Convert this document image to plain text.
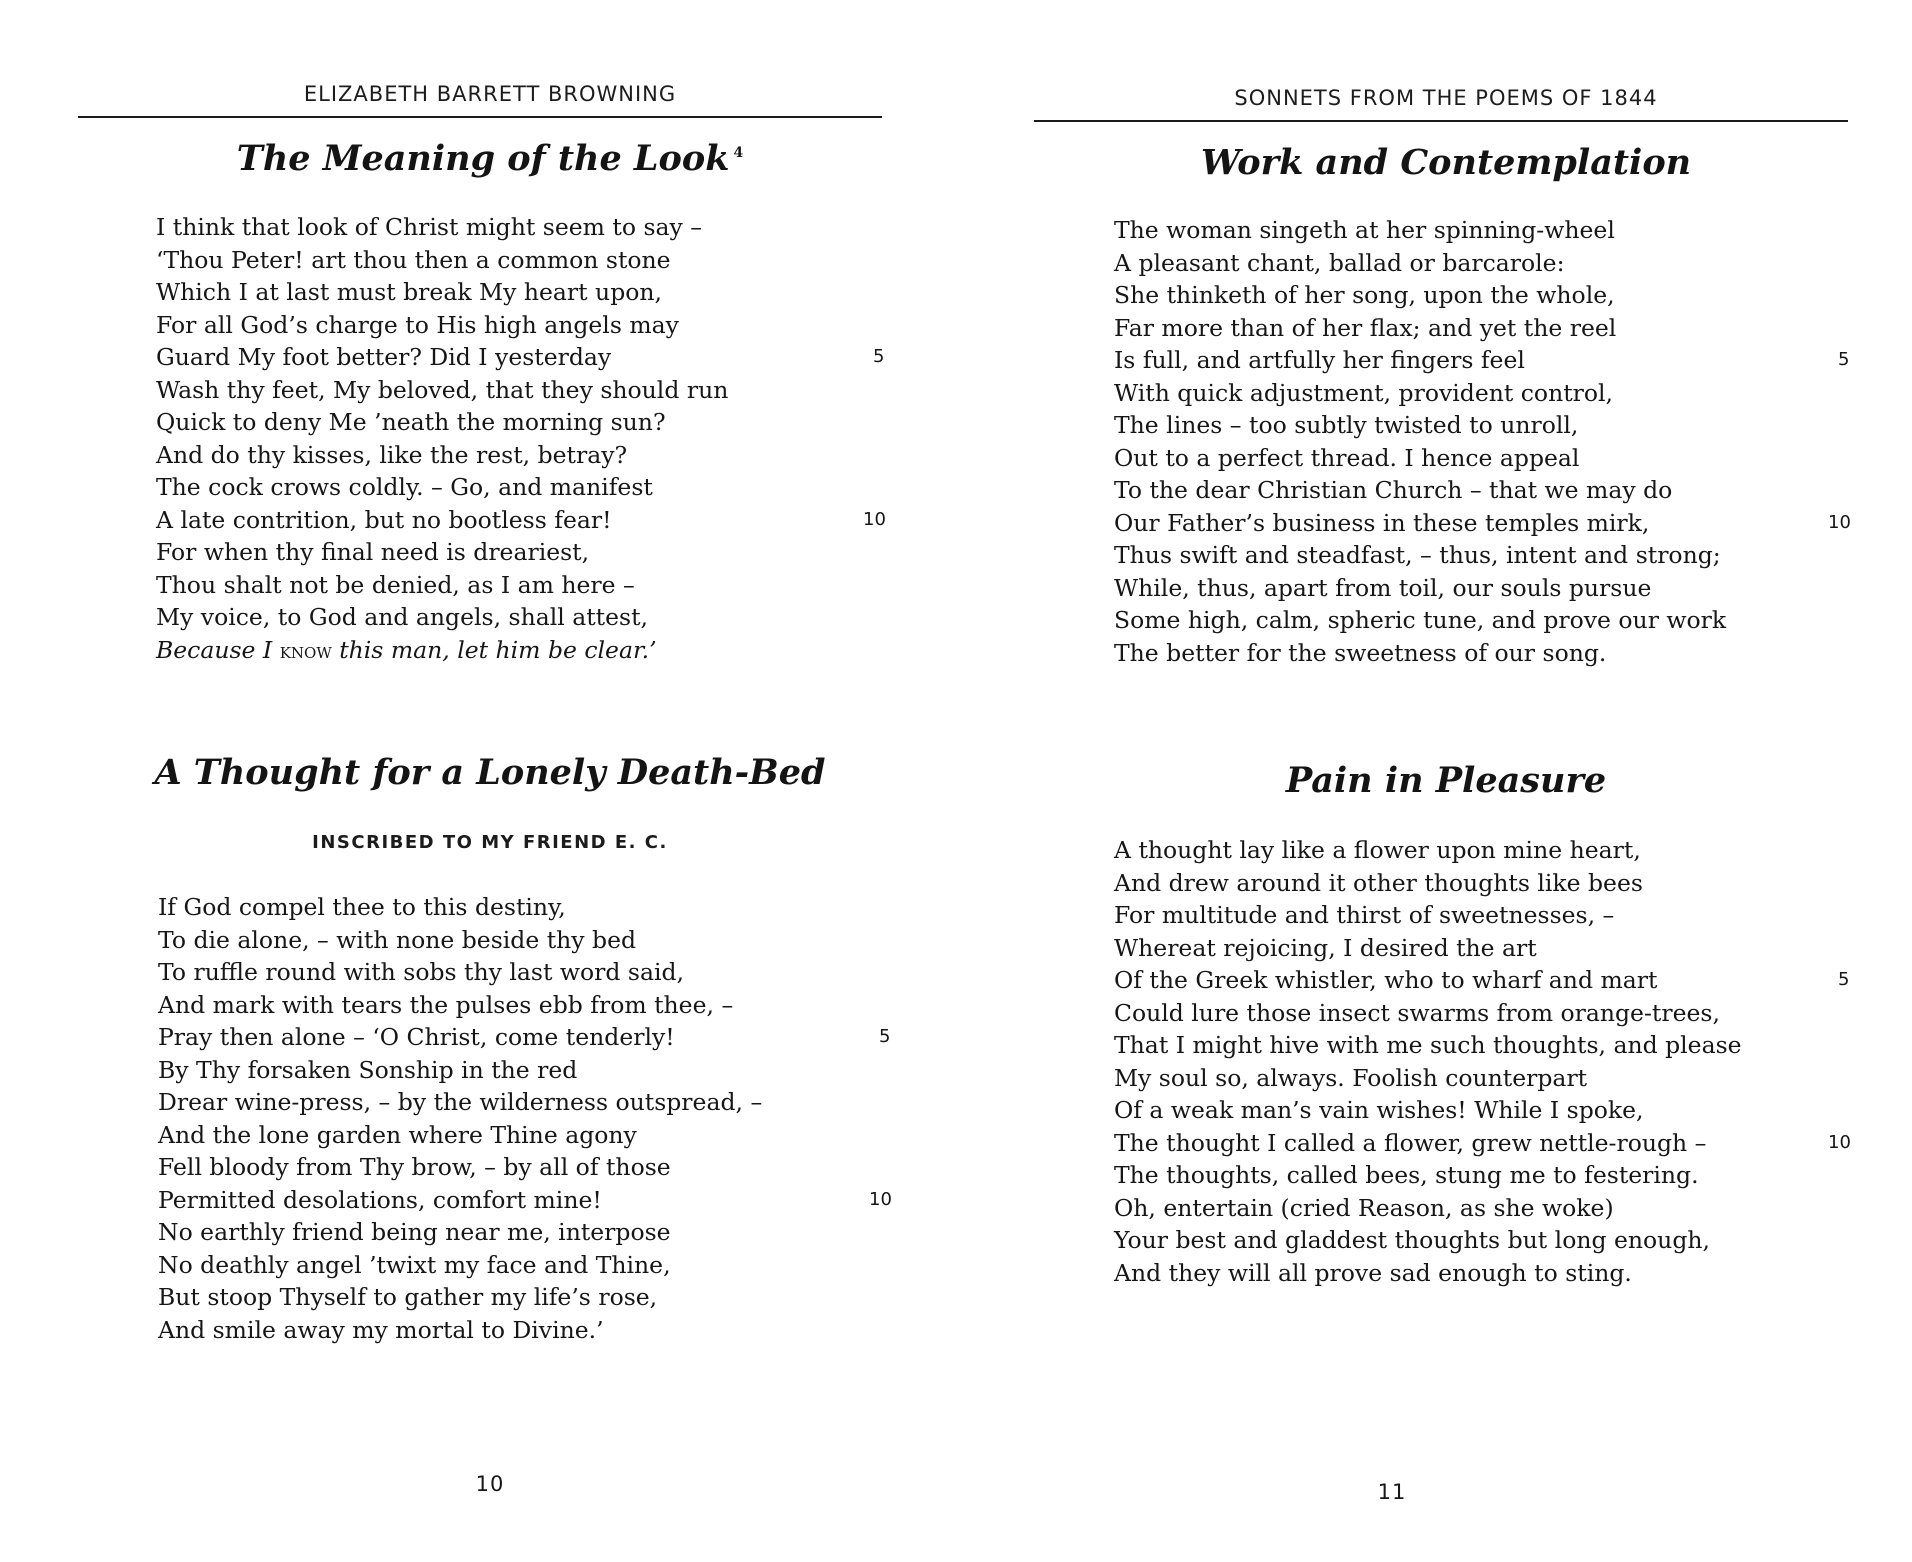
ELIZABETH BARRETT BROWNING
The Meaning of the Look $^4$
I think that look of Christ might seem to say –
‘Thou Peter! art thou then a common stone
Which I at last must break My heart upon,
For all God’s charge to His high angels may
Guard My foot better? Did I yesterday	5
Wash thy feet, My beloved, that they should run
Quick to deny Me ’neath the morning sun?
And do thy kisses, like the rest, betray?
The cock crows coldly. – Go, and manifest
A late contrition, but no bootless fear!	10
For when thy final need is dreariest,
Thou shalt not be denied, as I am here –
My voice, to God and angels, shall attest,
Because I know this man, let him be clear.’
A Thought for a Lonely Death-Bed
INSCRIBED TO MY FRIEND E. C.
If God compel thee to this destiny,
To die alone, – with none beside thy bed
To ruffle round with sobs thy last word said,
And mark with tears the pulses ebb from thee, –
Pray then alone – ‘O Christ, come tenderly!	5
By Thy forsaken Sonship in the red
Drear wine-press, – by the wilderness outspread, –
And the lone garden where Thine agony
Fell bloody from Thy brow, – by all of those
Permitted desolations, comfort mine!	10
No earthly friend being near me, interpose
No deathly angel ’twixt my face and Thine,
But stoop Thyself to gather my life’s rose,
And smile away my mortal to Divine.’
10
SONNETS FROM THE POEMS OF 1844
Work and Contemplation
The woman singeth at her spinning-wheel
A pleasant chant, ballad or barcarole:
She thinketh of her song, upon the whole,
Far more than of her flax; and yet the reel
Is full, and artfully her fingers feel	5
With quick adjustment, provident control,
The lines – too subtly twisted to unroll,
Out to a perfect thread. I hence appeal
To the dear Christian Church – that we may do
Our Father’s business in these temples mirk,	10
Thus swift and steadfast, – thus, intent and strong;
While, thus, apart from toil, our souls pursue
Some high, calm, spheric tune, and prove our work
The better for the sweetness of our song.
Pain in Pleasure
A thought lay like a flower upon mine heart,
And drew around it other thoughts like bees
For multitude and thirst of sweetnesses, –
Whereat rejoicing, I desired the art
Of the Greek whistler, who to wharf and mart	5
Could lure those insect swarms from orange-trees,
That I might hive with me such thoughts, and please
My soul so, always. Foolish counterpart
Of a weak man’s vain wishes! While I spoke,
The thought I called a flower, grew nettle-rough –	10
The thoughts, called bees, stung me to festering.
Oh, entertain (cried Reason, as she woke)
Your best and gladdest thoughts but long enough,
And they will all prove sad enough to sting.
11
